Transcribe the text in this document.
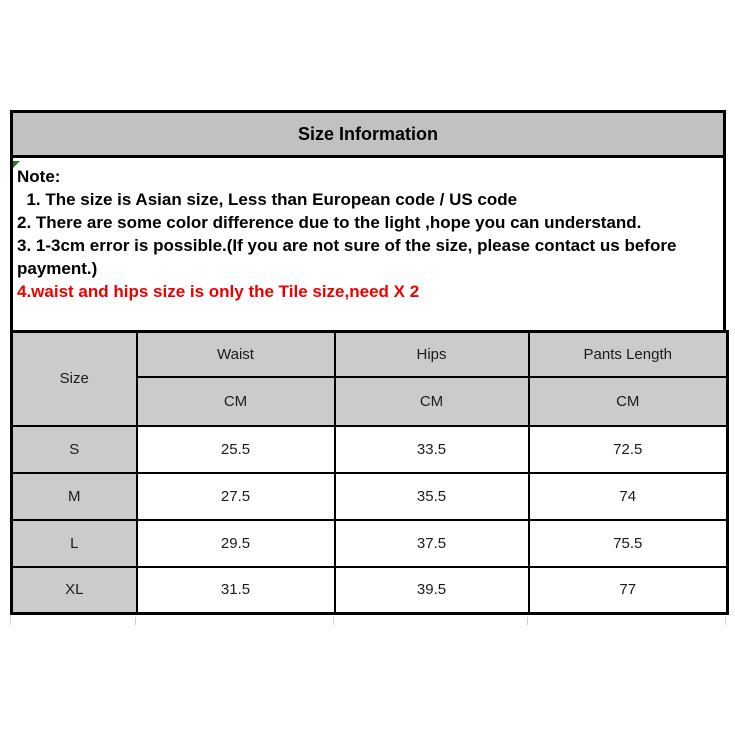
Size Information
Note:
1. The size is Asian size, Less than European code / US code
2. There are some color difference due to the light ,hope you can understand.
3. 1-3cm error is possible.(If you are not sure of the size, please contact us before payment.)
4.waist and hips size is only the Tile size,need X 2
Size	Waist	Hips	Pants Length
	CM	CM	CM
S	25.5	33.5	72.5
M	27.5	35.5	74
L	29.5	37.5	75.5
XL	31.5	39.5	77
